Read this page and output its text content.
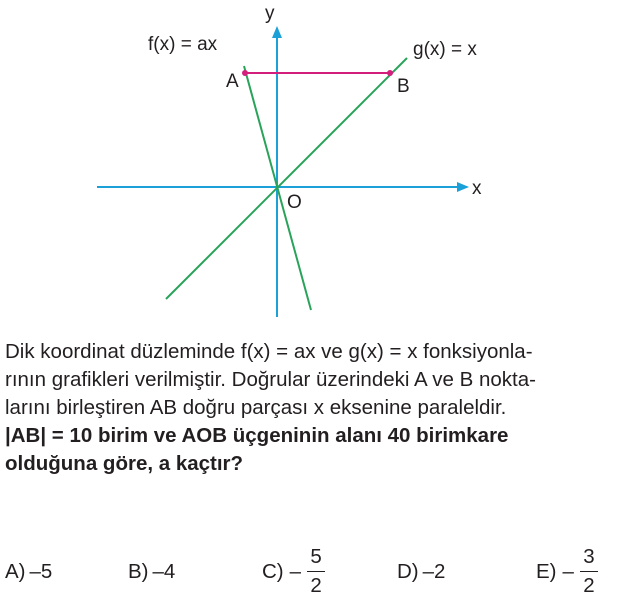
y
x
f(x) = ax	g(x) = x
A	B
O
Dik koordinat düzleminde f(x) = ax ve g(x) = x fonksiyonla-
rının grafikleri verilmiştir. Doğrular üzerindeki A ve B nokta-
larını birleştiren AB doğru parçası x eksenine paraleldir.
|AB| = 10 birim ve AOB üçgeninin alanı 40 birimkare
olduğuna göre, a kaçtır?
A) –5	B) –4	$C) - \frac{5}{2}$	D) –2	$E) - \frac{3}{2}$
